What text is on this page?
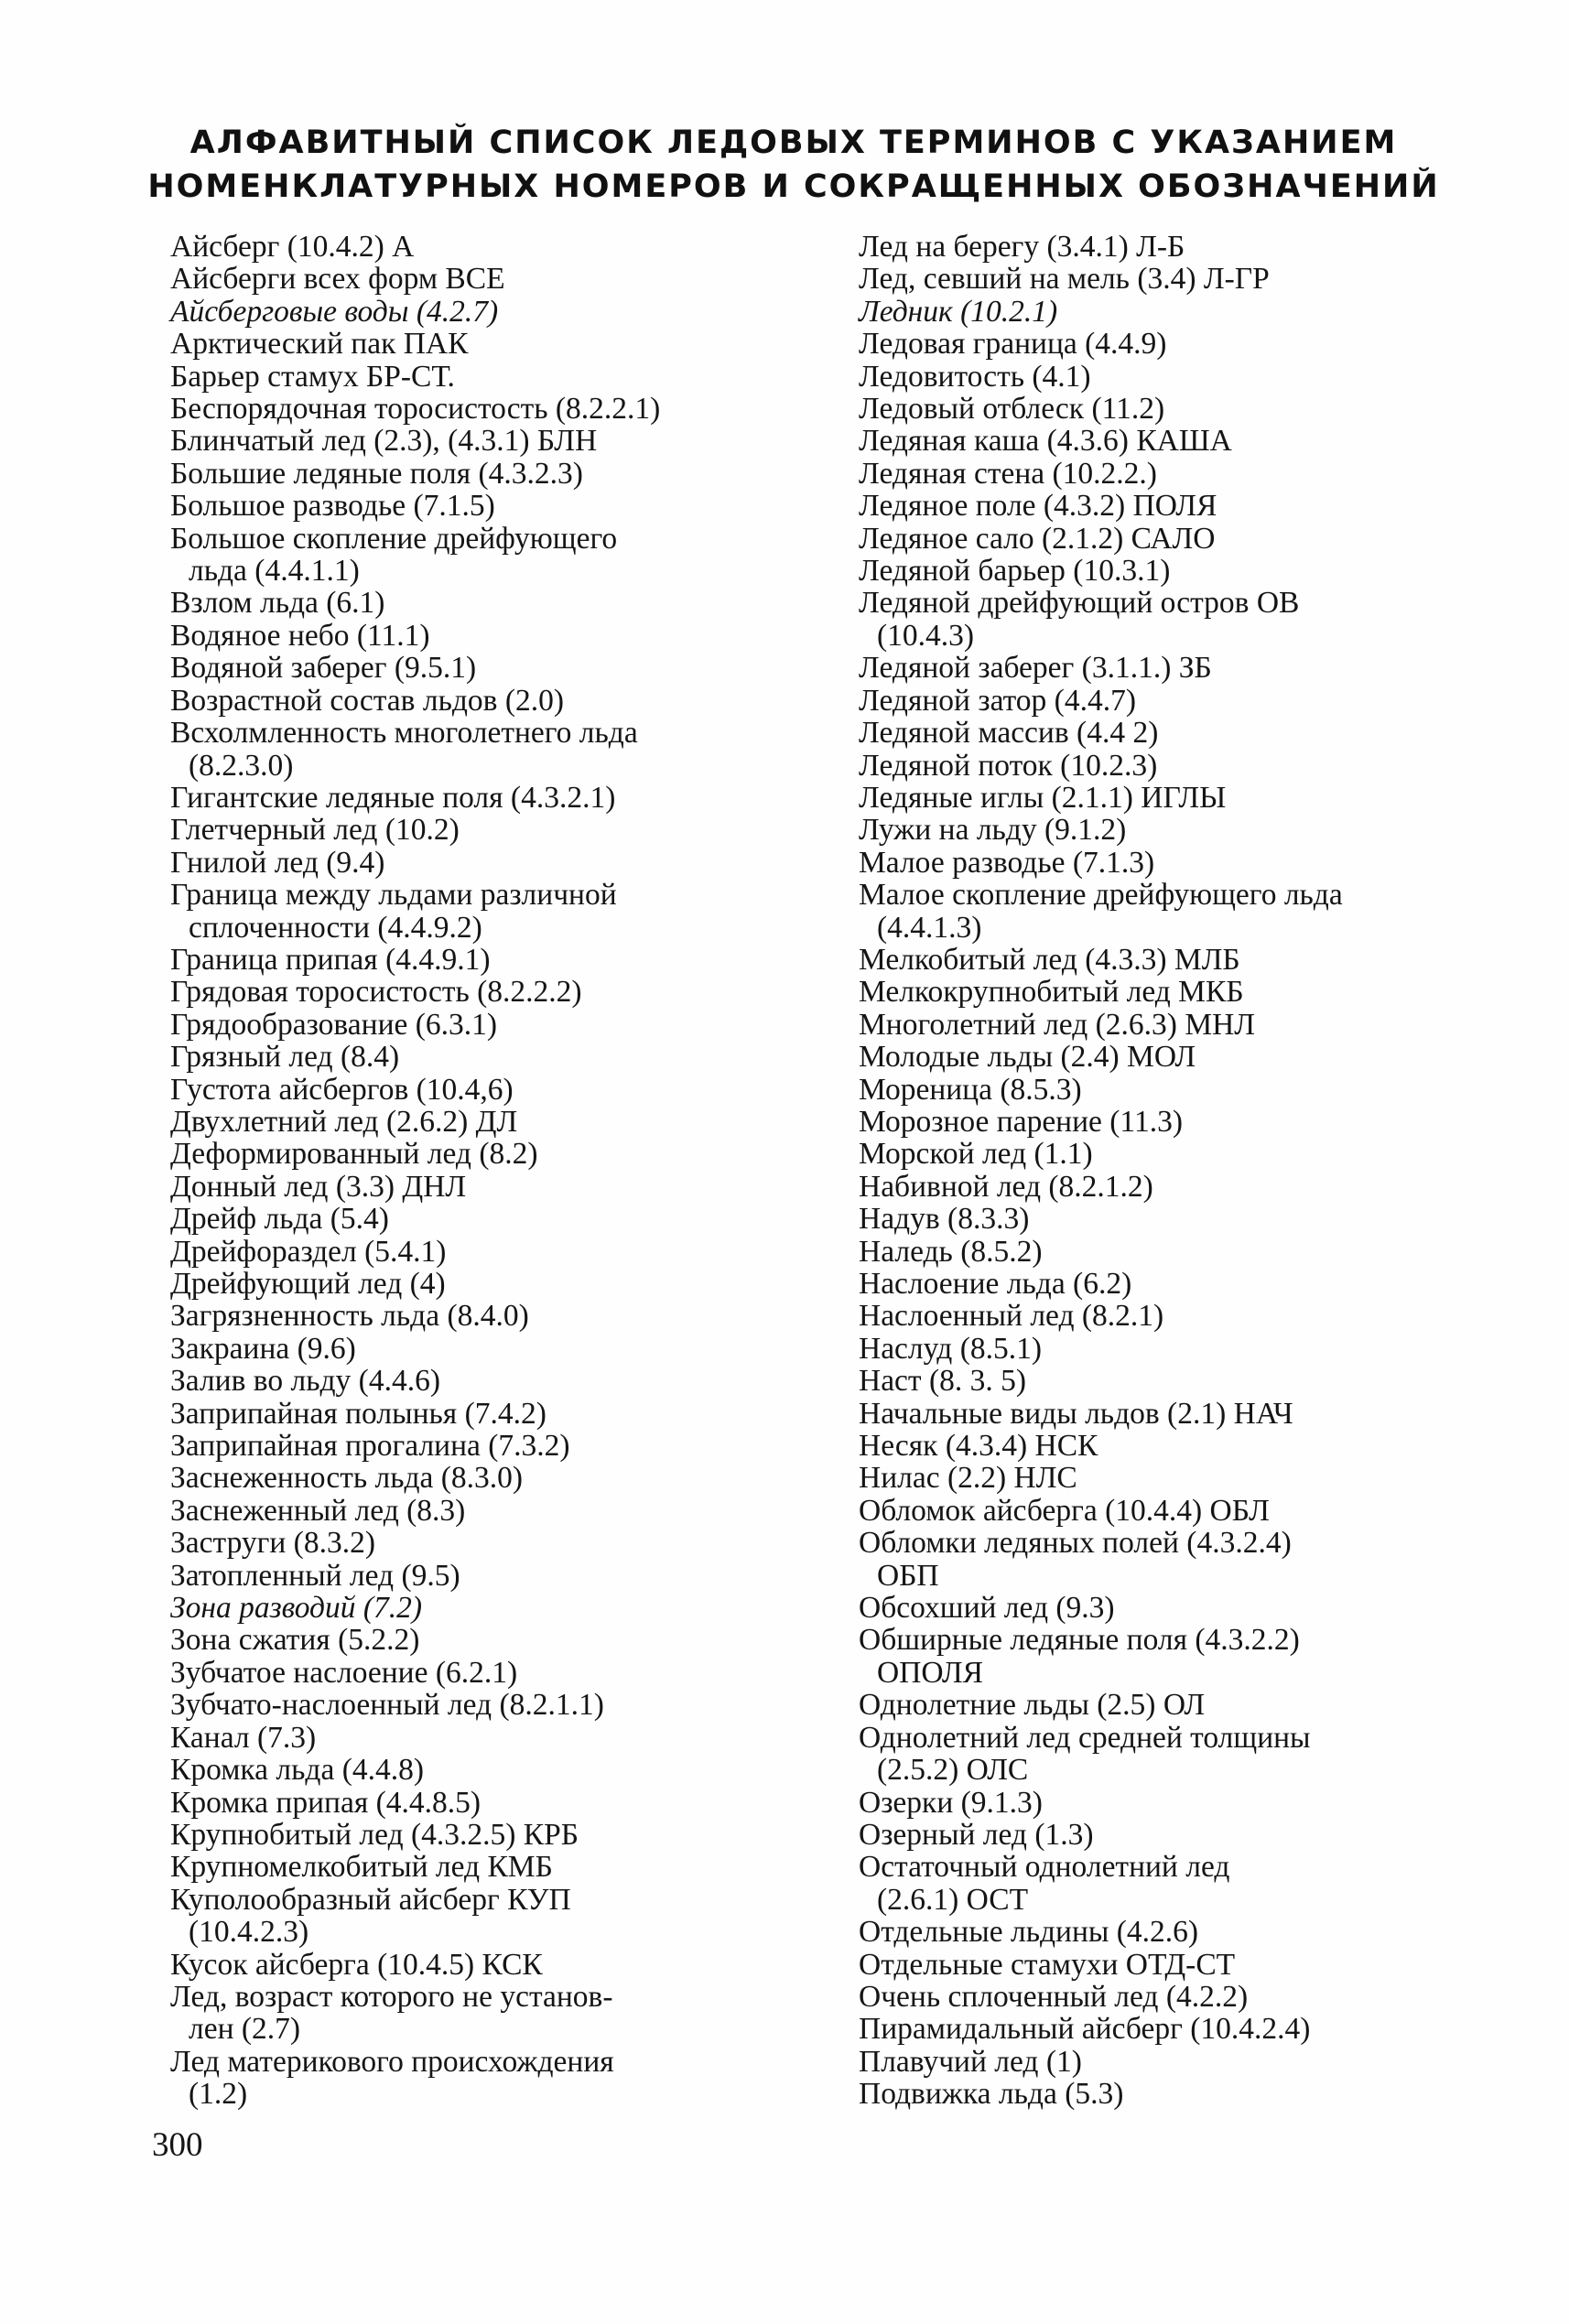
АЛФАВИТНЫЙ СПИСОК ЛЕДОВЫХ ТЕРМИНОВ С УКАЗАНИЕМ
НОМЕНКЛАТУРНЫХ НОМЕРОВ И СОКРАЩЕННЫХ ОБОЗНАЧЕНИЙ
Айсберг (10.4.2) А
Айсберги всех форм ВСЕ
Айсберговые воды (4.2.7)
Арктический пак ПАК
Барьер стамух БР-СТ.
Беспорядочная торосистость (8.2.2.1)
Блинчатый лед (2.3), (4.3.1) БЛН
Большие ледяные поля (4.3.2.3)
Большое разводье (7.1.5)
Большое скопление дрейфующего
льда (4.4.1.1)
Взлом льда (6.1)
Водяное небо (11.1)
Водяной заберег (9.5.1)
Возрастной состав льдов (2.0)
Всхолмленность многолетнего льда
(8.2.3.0)
Гигантские ледяные поля (4.3.2.1)
Глетчерный лед (10.2)
Гнилой лед (9.4)
Граница между льдами различной
сплоченности (4.4.9.2)
Граница припая (4.4.9.1)
Грядовая торосистость (8.2.2.2)
Грядообразование (6.3.1)
Грязный лед (8.4)
Густота айсбергов (10.4,6)
Двухлетний лед (2.6.2) ДЛ
Деформированный лед (8.2)
Донный лед (3.3) ДНЛ
Дрейф льда (5.4)
Дрейфораздел (5.4.1)
Дрейфующий лед (4)
Загрязненность льда (8.4.0)
Закраина (9.6)
Залив во льду (4.4.6)
Заприпайная полынья (7.4.2)
Заприпайная прогалина (7.3.2)
Заснеженность льда (8.3.0)
Заснеженный лед (8.3)
Заструги (8.3.2)
Затопленный лед (9.5)
Зона разводий (7.2)
Зона сжатия (5.2.2)
Зубчатое наслоение (6.2.1)
Зубчато-наслоенный лед (8.2.1.1)
Канал (7.3)
Кромка льда (4.4.8)
Кромка припая (4.4.8.5)
Крупнобитый лед (4.3.2.5) КРБ
Крупномелкобитый лед КМБ
Куполообразный айсберг КУП
(10.4.2.3)
Кусок айсберга (10.4.5) КСК
Лед, возраст которого не установ-
лен (2.7)
Лед материкового происхождения
(1.2)
Лед на берегу (3.4.1) Л-Б
Лед, севший на мель (3.4) Л-ГР
Ледник (10.2.1)
Ледовая граница (4.4.9)
Ледовитость (4.1)
Ледовый отблеск (11.2)
Ледяная каша (4.3.6) КАША
Ледяная стена (10.2.2.)
Ледяное поле (4.3.2) ПОЛЯ
Ледяное сало (2.1.2) САЛО
Ледяной барьер (10.3.1)
Ледяной дрейфующий остров ОВ
(10.4.3)
Ледяной заберег (3.1.1.) ЗБ
Ледяной затор (4.4.7)
Ледяной массив (4.4 2)
Ледяной поток (10.2.3)
Ледяные иглы (2.1.1) ИГЛЫ
Лужи на льду (9.1.2)
Малое разводье (7.1.3)
Малое скопление дрейфующего льда
(4.4.1.3)
Мелкобитый лед (4.3.3) МЛБ
Мелкокрупнобитый лед МКБ
Многолетний лед (2.6.3) МНЛ
Молодые льды (2.4) МОЛ
Мореница (8.5.3)
Морозное парение (11.3)
Морской лед (1.1)
Набивной лед (8.2.1.2)
Надув (8.3.3)
Наледь (8.5.2)
Наслоение льда (6.2)
Наслоенный лед (8.2.1)
Наслуд (8.5.1)
Наст (8. 3. 5)
Начальные виды льдов (2.1) НАЧ
Несяк (4.3.4) НСК
Нилас (2.2) НЛС
Обломок айсберга (10.4.4) ОБЛ
Обломки ледяных полей (4.3.2.4)
ОБП
Обсохший лед (9.3)
Обширные ледяные поля (4.3.2.2)
ОПОЛЯ
Однолетние льды (2.5) ОЛ
Однолетний лед средней толщины
(2.5.2) ОЛС
Озерки (9.1.3)
Озерный лед (1.3)
Остаточный однолетний лед
(2.6.1) ОСТ
Отдельные льдины (4.2.6)
Отдельные стамухи ОТД-СТ
Очень сплоченный лед (4.2.2)
Пирамидальный айсберг (10.4.2.4)
Плавучий лед (1)
Подвижка льда (5.3)
300
